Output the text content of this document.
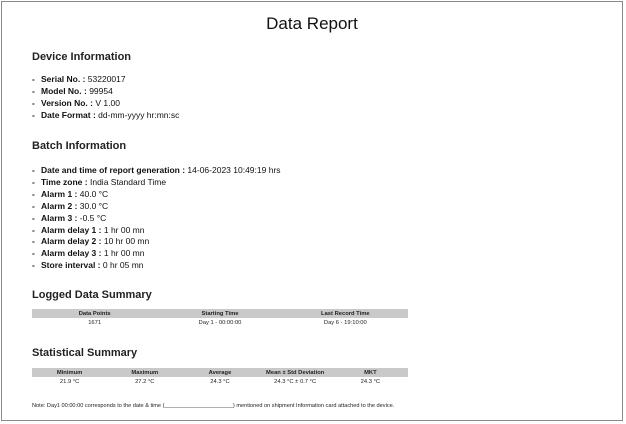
Data Report
Device Information
- Serial No. : 53220017
- Model No. : 99954
- Version No. : V 1.00
- Date Format : dd-mm-yyyy hr:mn:sc
Batch Information
- Date and time of report generation : 14-06-2023 10:49:19 hrs
- Time zone : India Standard Time
- Alarm 1 : 40.0 °C
- Alarm 2 : 30.0 °C
- Alarm 3 : -0.5 °C
- Alarm delay 1 : 1 hr 00 mn
- Alarm delay 2 : 10 hr 00 mn
- Alarm delay 3 : 1 hr 00 mn
- Store interval : 0 hr 05 mn
Logged Data Summary
Data Points	Starting Time	Last Record Time
1671	Day 1 - 00:00:00	Day 6 - 19:10:00
Statistical Summary
Minimum	Maximum	Average	Mean ± Std Deviation	MKT
21.9 °C	27.2 °C	24.3 °C	24.3 °C ± 0.7 °C	24.3 °C
Note: Day1 00:00:00 corresponds to the date & time (______________________) mentioned on shipment Information card attached to the device.
